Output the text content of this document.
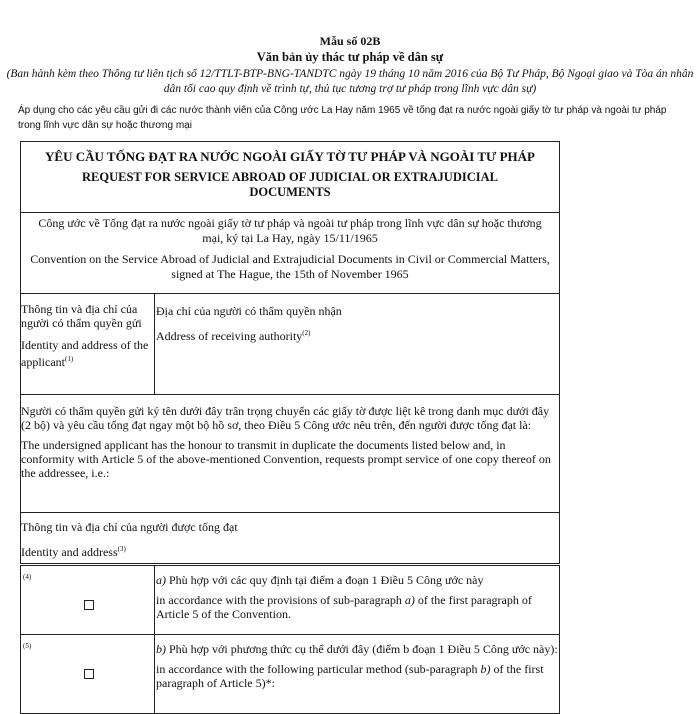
Mẫu số 02B
Văn bản ủy thác tư pháp về dân sự
(Ban hành kèm theo Thông tư liên tịch số 12/TTLT-BTP-BNG-TANDTC ngày 19 tháng 10 năm 2016 của Bộ Tư Pháp, Bộ Ngoại giao và Tòa án nhân dân tối cao quy định về trình tự, thủ tục tương trợ tư pháp trong lĩnh vực dân sự)
Áp dụng cho các yêu cầu gửi đi các nước thành viên của Công ước La Hay năm 1965 về tống đạt ra nước ngoài giấy tờ tư pháp và ngoài tư pháp trong lĩnh vực dân sự hoặc thương mại
YÊU CẦU TỐNG ĐẠT RA NƯỚC NGOÀI GIẤY TỜ TƯ PHÁP VÀ NGOÀI TƯ PHÁP
REQUEST FOR SERVICE ABROAD OF JUDICIAL OR EXTRAJUDICIAL DOCUMENTS

Công ước về Tống đạt ra nước ngoài giấy tờ tư pháp và ngoài tư pháp trong lĩnh vực dân sự hoặc thương mại, ký tại La Hay, ngày 15/11/1965

Convention on the Service Abroad of Judicial and Extrajudicial Documents in Civil or Commercial Matters, signed at The Hague, the 15th of November 1965

Thông tin và địa chỉ của người có thẩm quyền gửi

Identity and address of the applicant$^{(1)}$

Địa chỉ của người có thẩm quyền nhận

Address of receiving authority$^{(2)}$

Người có thẩm quyền gửi ký tên dưới đây trân trọng chuyển các giấy tờ được liệt kê trong danh mục dưới đây (2 bộ) và yêu cầu tống đạt ngay một bộ hồ sơ, theo Điều 5 Công ước nêu trên, đến người được tống đạt là:

The undersigned applicant has the honour to transmit in duplicate the documents listed below and, in conformity with Article 5 of the above-mentioned Convention, requests prompt service of one copy thereof on the addressee, i.e.:

Thông tin và địa chỉ của người được tống đạt

Identity and address$^{(3)}$

(4)	a) Phù hợp với các quy định tại điểm a đoạn 1 Điều 5 Công ước này

in accordance with the provisions of sub-paragraph a) of the first paragraph of Article 5 of the Convention.

(5)	b) Phù hợp với phương thức cụ thể dưới đây (điểm b đoạn 1 Điều 5 Công ước này):

in accordance with the following particular method (sub-paragraph b) of the first paragraph of Article 5)*:
